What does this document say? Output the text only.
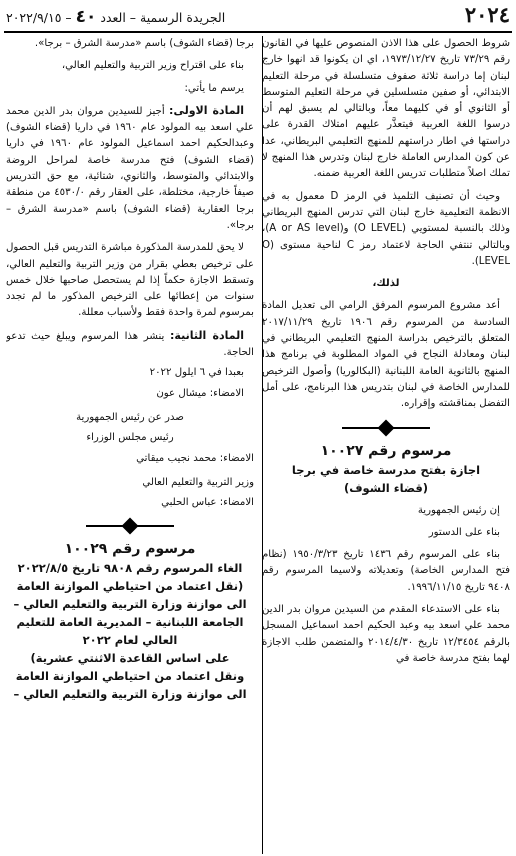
٢٠٢٤
الجريدة الرسمية – العدد ٤٠ – ٢٠٢٢/٩/١٥

شروط الحصول على هذا الاذن المنصوص عليها في القانون رقم ٧٣/٢٩ تاريخ ١٩٧٣/١٢/٢٧، اي ان يكونوا قد انهوا خارج لبنان إما دراسة ثلاثة صفوف متسلسلة في مرحلة التعليم الابتدائي، أو صفين متسلسلين في مرحلة التعليم المتوسط أو الثانوي أو في كليهما معاً، وبالتالي لم يسبق لهم أن درسوا اللغة العربية فيتعذَّر عليهم امتلاك القدرة على دراستها في اطار دراستهم للمنهج التعليمي البريطاني، عدا عن كون المدارس العاملة خارج لبنان وتدرس هذا المنهج لا تملك اصلاً متطلبات تدريس اللغة العربية ضمنه.

وحيث أن تصنيف التلميذ في الرمز D معمول به في الانظمة التعليمية خارج لبنان التي تدرس المنهج البريطاني وذلك بالنسبة لمستويي (O LEVEL) و(A or AS level)، وبالتالي تنتفي الحاجة لاعتماد رمز C لناحية مستوى (O LEVEL).

لذلك،

أعد مشروع المرسوم المرفق الرامي الى تعديل المادة السادسة من المرسوم رقم ١٩٠٦ تاريخ ٢٠١٧/١١/٢٩ المتعلق بالترخيص بدراسة المنهج التعليمي البريطاني في لبنان ومعادلة النجاح في المواد المطلوبة في برنامج هذا المنهج بالثانوية العامة اللبنانية (البكالوريا) وأصول الترخيص للمدارس الخاصة في لبنان بتدريس هذا البرنامج، على أمل التفضل بمناقشته وإقراره.

مرسوم رقم ١٠٠٢٧

اجازة بفتح مدرسة خاصة في برجا

(قضاء الشوف)

إن رئيس الجمهورية

بناء على الدستور

بناء على المرسوم رقم ١٤٣٦ تاريخ ١٩٥٠/٣/٢٣ (نظام فتح المدارس الخاصة) وتعديلاته ولاسيما المرسوم رقم ٩٤٠٨ تاريخ ١٩٩٦/١١/١٥.

بناء على الاستدعاء المقدم من السيدين مروان بدر الدين محمد علي اسعد بيه وعبد الحكيم احمد اسماعيل المسجل بالرقم ١٢/٣٤٥٤ تاريخ ٢٠١٤/٤/٣٠ والمتضمن طلب الاجازة لهما بفتح مدرسة خاصة في

برجا (قضاء الشوف) باسم «مدرسة الشرق – برجا».

بناء على اقتراح وزير التربية والتعليم العالي،

يرسم ما يأتي:

المادة الاولى: أجيز للسيدين مروان بدر الدين محمد علي اسعد بيه المولود عام ١٩٦٠ في داريا (قضاء الشوف) وعبدالحكيم احمد اسماعيل المولود عام ١٩٦٠ في داريا (قضاء الشوف) فتح مدرسة خاصة لمراحل الروضة والابتدائي والمتوسط، والثانوي، شتائية، مع حق التدريس صيفاً خارجية، مختلطة، على العقار رقم ٤٥٣٠/٠ من منطقة برجا العقارية (قضاء الشوف) باسم «مدرسة الشرق – برجا».

لا يحق للمدرسة المذكورة مباشرة التدريس قبل الحصول على ترخيص بعطي بقرار من وزير التربية والتعليم العالي، وتسقط الاجازة حكماً إذا لم يستحصل صاحبها خلال خمس سنوات من إعطائها على الترخيص المذكور ما لم تجدد بمرسوم لمرة واحدة فقط ولأسباب معللة.

المادة الثانية: ينشر هذا المرسوم ويبلغ حيث تدعو الحاجة.

بعبدا في ٦ ايلول ٢٠٢٢

الامضاء: ميشال عون

صدر عن رئيس الجمهورية

رئيس مجلس الوزراء

الامضاء: محمد نجيب ميقاتي

وزير التربية والتعليم العالي

الامضاء: عباس الحلبي

مرسوم رقم ١٠٠٢٩

الغاء المرسوم رقم ٩٨٠٨ تاريخ ٢٠٢٢/٨/٥

(نقل اعتماد من احتياطي الموازنة العامة

الى موازنة وزارة التربية والتعليم العالي –

الجامعة اللبنانية – المديرية العامة للتعليم

العالي لعام ٢٠٢٢

على اساس القاعدة الاثنتي عشرية)

ونقل اعتماد من احتياطي الموازنة العامة

الى موازنة وزارة التربية والتعليم العالي –
